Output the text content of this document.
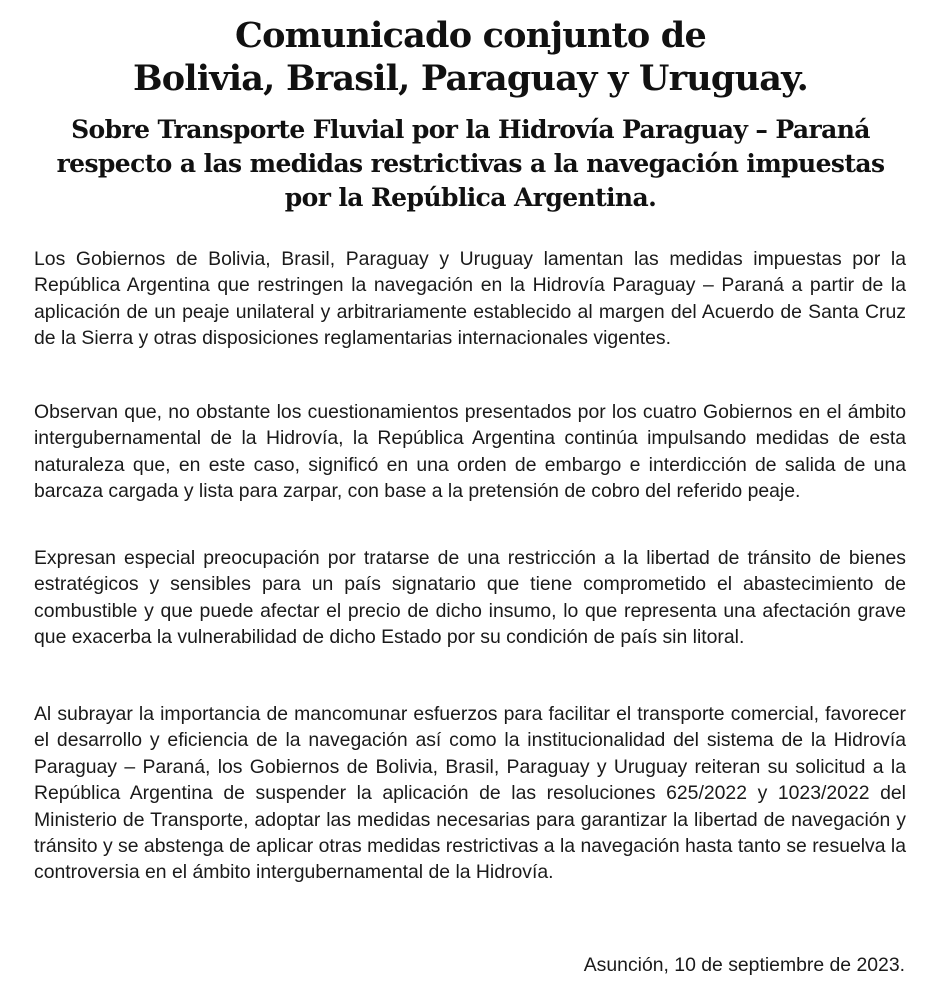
Comunicado conjunto de
Bolivia, Brasil, Paraguay y Uruguay.
Sobre Transporte Fluvial por la Hidrovía Paraguay – Paraná
respecto a las medidas restrictivas a la navegación impuestas
por la República Argentina.

Los Gobiernos de Bolivia, Brasil, Paraguay y Uruguay lamentan las medidas impuestas por la República Argentina que restringen la navegación en la Hidrovía Paraguay – Paraná a partir de la aplicación de un peaje unilateral y arbitrariamente establecido al margen del Acuerdo de Santa Cruz de la Sierra y otras disposiciones reglamentarias internacionales vigentes.

Observan que, no obstante los cuestionamientos presentados por los cuatro Gobiernos en el ámbito intergubernamental de la Hidrovía, la República Argentina continúa impulsando medidas de esta naturaleza que, en este caso, significó en una orden de embargo e interdicción de salida de una barcaza cargada y lista para zarpar, con base a la pretensión de cobro del referido peaje.

Expresan especial preocupación por tratarse de una restricción a la libertad de tránsito de bienes estratégicos y sensibles para un país signatario que tiene comprometido el abastecimiento de combustible y que puede afectar el precio de dicho insumo, lo que representa una afectación grave que exacerba la vulnerabilidad de dicho Estado por su condición de país sin litoral.

Al subrayar la importancia de mancomunar esfuerzos para facilitar el transporte comercial, favorecer el desarrollo y eficiencia de la navegación así como la institucionalidad del sistema de la Hidrovía Paraguay – Paraná, los Gobiernos de Bolivia, Brasil, Paraguay y Uruguay reiteran su solicitud a la República Argentina de suspender la aplicación de las resoluciones 625/2022 y 1023/2022 del Ministerio de Transporte, adoptar las medidas necesarias para garantizar la libertad de navegación y tránsito y se abstenga de aplicar otras medidas restrictivas a la navegación hasta tanto se resuelva la controversia en el ámbito intergubernamental de la Hidrovía.

Asunción, 10 de septiembre de 2023.
